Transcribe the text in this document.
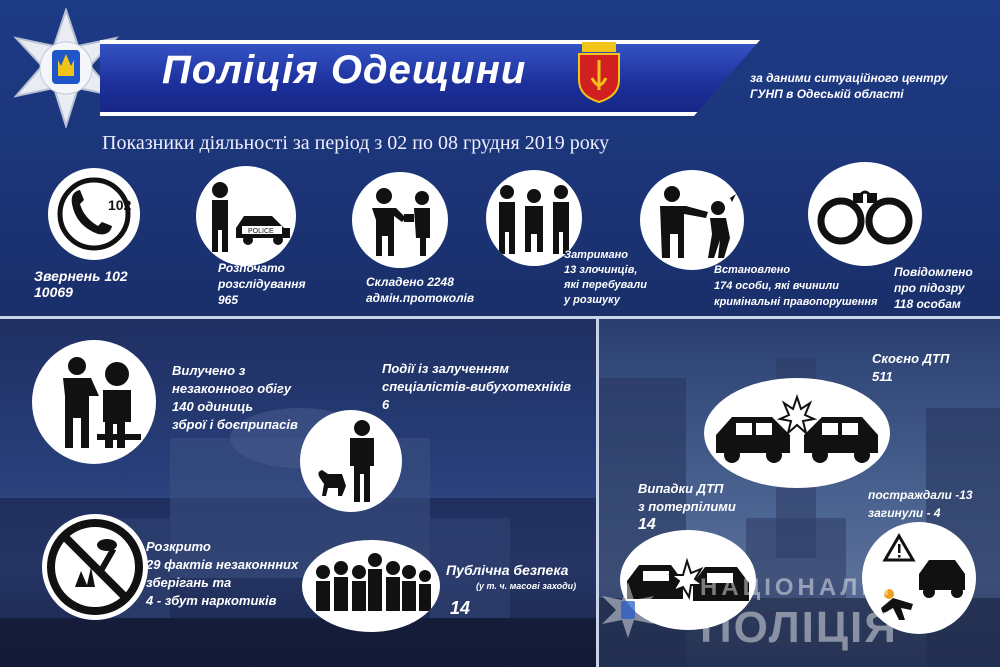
Поліція Одещини	за даними ситуаційного центру
ГУНП в Одеській області
Показники діяльності за період з 02 по 08 грудня 2019 року
102
Звернень 102
10069
POLICE
Розпочато
розслідування
965
Складено 2248
адмін.протоколів
Затримано
13 злочинців,
які перебували
у розшуку
Встановлено
174 особи, які вчинили
кримінальні правопорушення
Повідомлено
про підозру
118 особам
Вилучено з
незаконного обігу
140 одиниць
зброї і боєприпасів
Події із залученням
спеціалістів-вибухотехніків
6
Розкрито
29 фактів незаконнних
зберігань та
4 - збут наркотиків
Публічна безпека
(у т. ч. масові заходи)
14
Скоєно ДТП
511
Випадки ДТП
з потерпілими
14
постраждали -13
загинули - 4
НАЦІОНАЛЬНА
ПОЛІЦІЯ
